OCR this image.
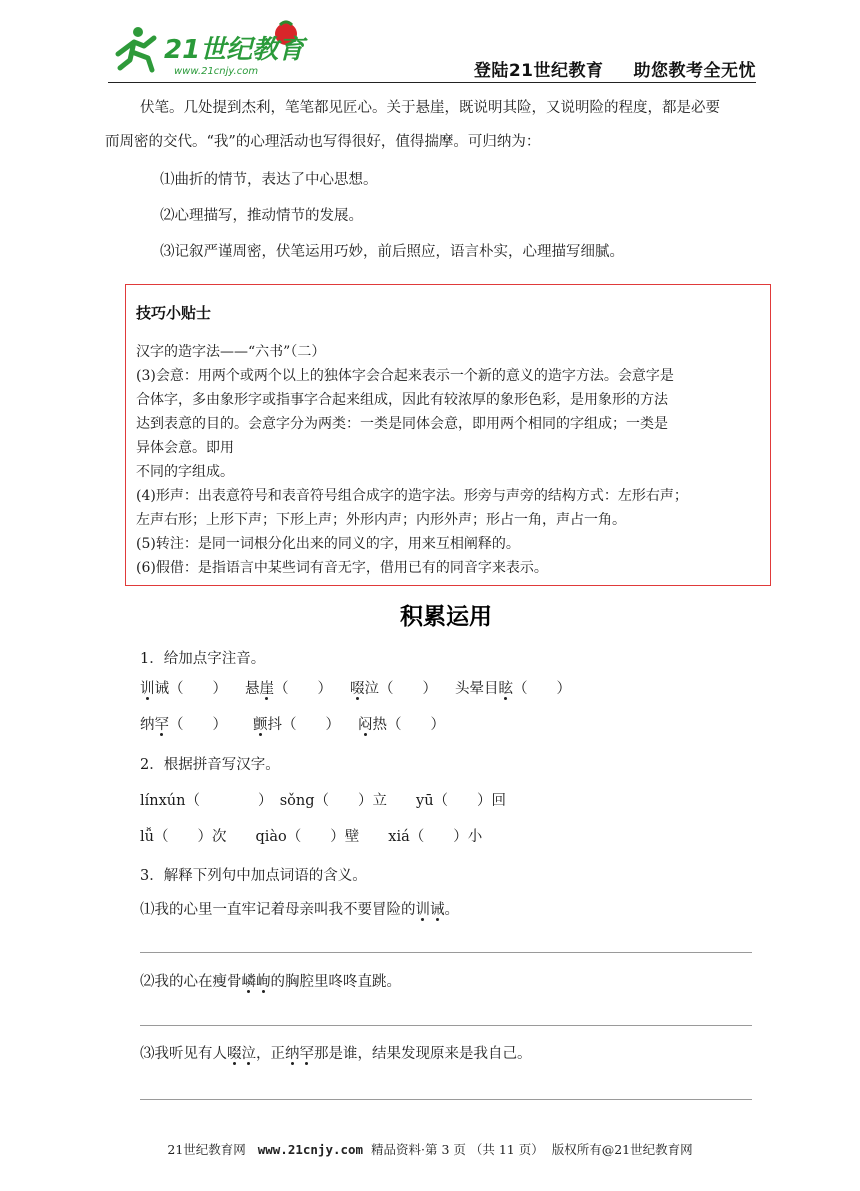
21世纪教育
www.21cnjy.com	登陆21世纪教育 助您教考全无忧
伏笔。几处提到杰利，笔笔都见匠心。关于悬崖，既说明其险，又说明险的程度，都是必要
而周密的交代。“我”的心理活动也写得很好，值得揣摩。可归纳为：
⑴曲折的情节，表达了中心思想。
⑵心理描写，推动情节的发展。
⑶记叙严谨周密，伏笔运用巧妙，前后照应，语言朴实，心理描写细腻。
技巧小贴士
汉字的造字法——“六书”（二）
(3)会意：用两个或两个以上的独体字会合起来表示一个新的意义的造字方法。会意字是
合体字，多由象形字或指事字合起来组成，因此有较浓厚的象形色彩，是用象形的方法
达到表意的目的。会意字分为两类：一类是同体会意，即用两个相同的字组成；一类是
异体会意。即用
不同的字组成。
(4)形声：出表意符号和表音符号组合成字的造字法。形旁与声旁的结构方式：左形右声；
左声右形；上形下声；下形上声；外形内声；内形外声；形占一角，声占一角。
(5)转注：是同一词根分化出来的同义的字，用来互相阐释的。
(6)假借：是指语言中某些词有音无字，借用已有的同音字来表示。
积累运用
1．给加点字注音。
训诫（　　） 悬崖（　　） 啜泣（　　） 头晕目眩（　　）
纳罕（　　） 颤抖（　　） 闷热（　　）
2．根据拼音写汉字。
línxún（　　　　）　sǒng（　　）立　　yū（　　）回
lǚ（　　）次　　qiào（　　）壁　　xiá（　　）小
3．解释下列句中加点词语的含义。
⑴我的心里一直牢记着母亲叫我不要冒险的训诫。
⑵我的心在瘦骨嶙峋的胸腔里咚咚直跳。
⑶我听见有人啜泣，正纳罕那是谁，结果发现原来是我自己。
21世纪教育网 www.21cnjy.com 精品资料·第 3 页 （共 11 页） 版权所有@21世纪教育网
